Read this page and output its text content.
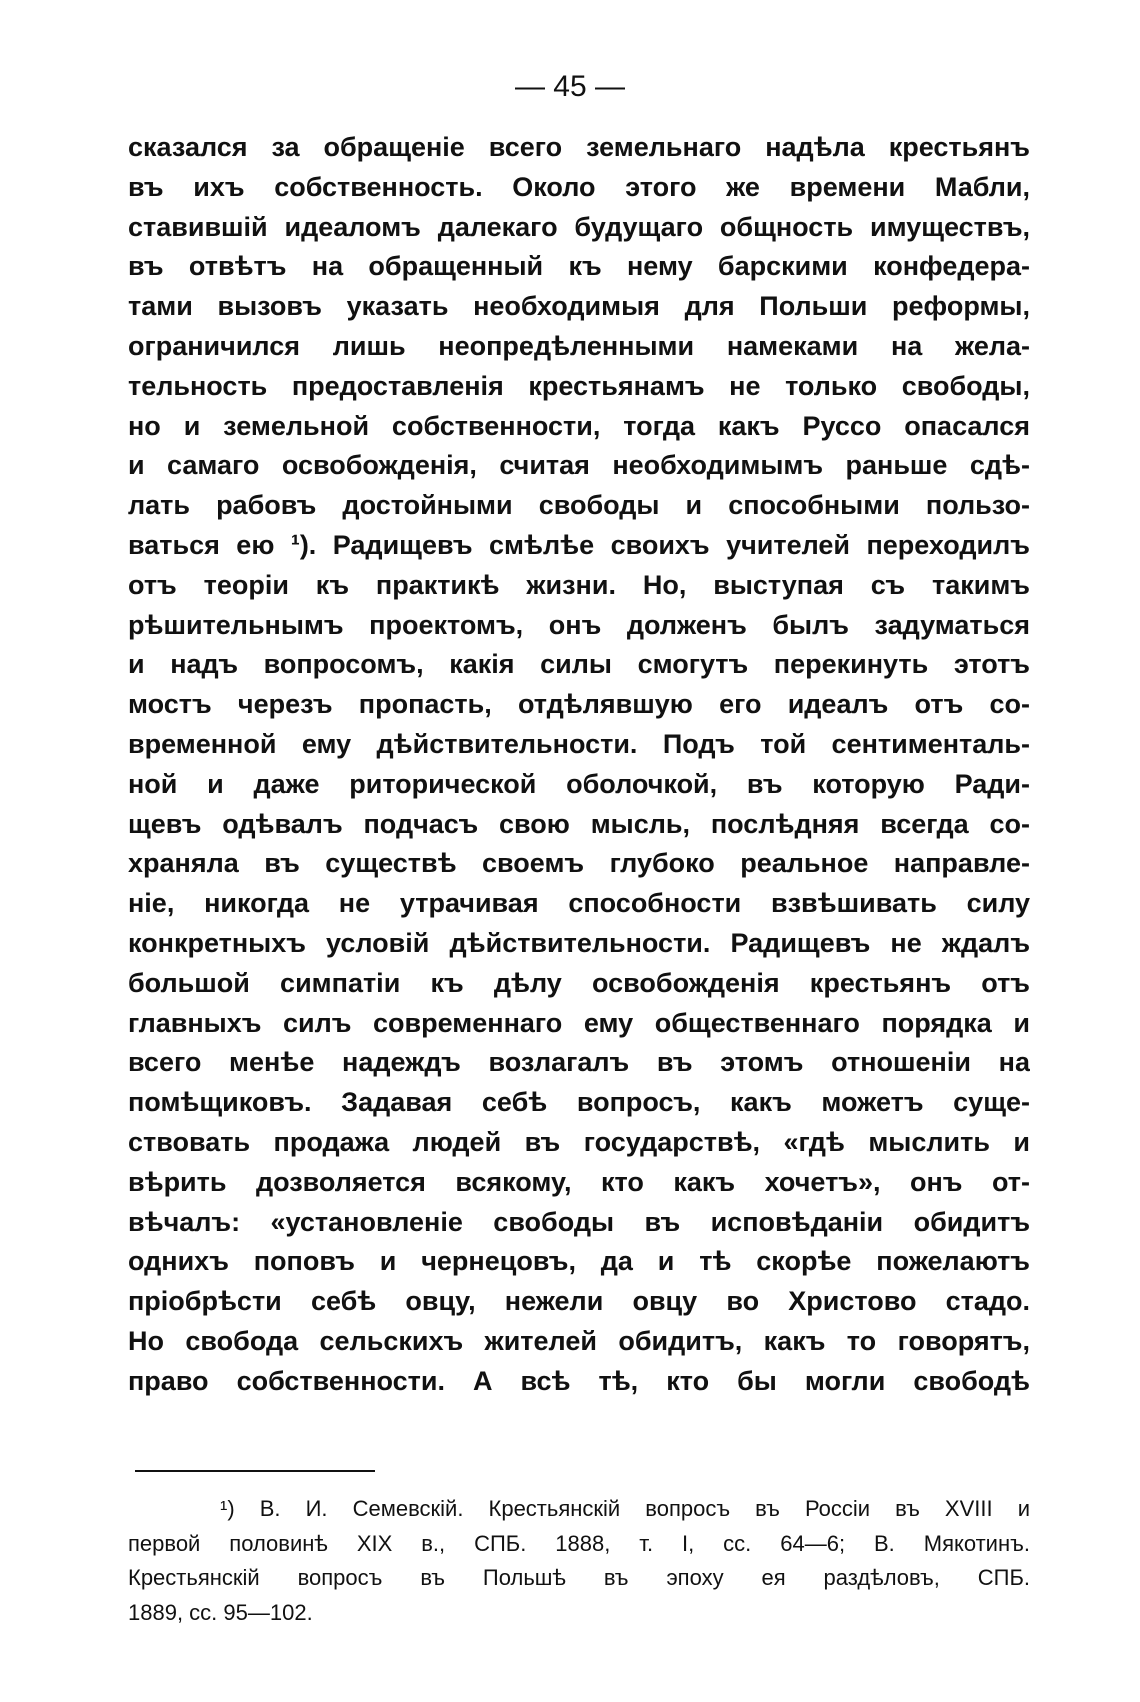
— 45 —
сказался за обращеніе всего земельнаго надѣла крестьянъ
въ ихъ собственность. Около этого же времени Мабли,
ставившій идеаломъ далекаго будущаго общность имуществъ,
въ отвѣтъ на обращенный къ нему барскими конфедера-
тами вызовъ указать необходимыя для Польши реформы,
ограничился лишь неопредѣленными намеками на жела-
тельность предоставленія крестьянамъ не только свободы,
но и земельной собственности, тогда какъ Руссо опасался
и самаго освобожденія, считая необходимымъ раньше сдѣ-
лать рабовъ достойными свободы и способными пользо-
ваться ею ¹). Радищевъ смѣлѣе своихъ учителей переходилъ
отъ теоріи къ практикѣ жизни. Но, выступая съ такимъ
рѣшительнымъ проектомъ, онъ долженъ былъ задуматься
и надъ вопросомъ, какія силы смогутъ перекинуть этотъ
мостъ черезъ пропасть, отдѣлявшую его идеалъ отъ со-
временной ему дѣйствительности. Подъ той сентименталь-
ной и даже риторической оболочкой, въ которую Ради-
щевъ одѣвалъ подчасъ свою мысль, послѣдняя всегда со-
храняла въ существѣ своемъ глубоко реальное направле-
ніе, никогда не утрачивая способности взвѣшивать силу
конкретныхъ условій дѣйствительности. Радищевъ не ждалъ
большой симпатіи къ дѣлу освобожденія крестьянъ отъ
главныхъ силъ современнаго ему общественнаго порядка и
всего менѣе надеждъ возлагалъ въ этомъ отношеніи на
помѣщиковъ. Задавая себѣ вопросъ, какъ можетъ суще-
ствовать продажа людей въ государствѣ, «гдѣ мыслить и
вѣрить дозволяется всякому, кто какъ хочетъ», онъ от-
вѣчалъ: «установленіе свободы въ исповѣданіи обидитъ
однихъ поповъ и чернецовъ, да и тѣ скорѣе пожелаютъ
пріобрѣсти себѣ овцу, нежели овцу во Христово стадо.
Но свобода сельскихъ жителей обидитъ, какъ то говорятъ,
право собственности. А всѣ тѣ, кто бы могли свободѣ
¹) В. И. Семевскій. Крестьянскій вопросъ въ Россіи въ XVIII и
первой половинѣ XIX в., СПБ. 1888, т. I, сс. 64—6; В. Мякотинъ.
Крестьянскій вопросъ въ Польшѣ въ эпоху ея раздѣловъ, СПБ.
1889, сс. 95—102.
